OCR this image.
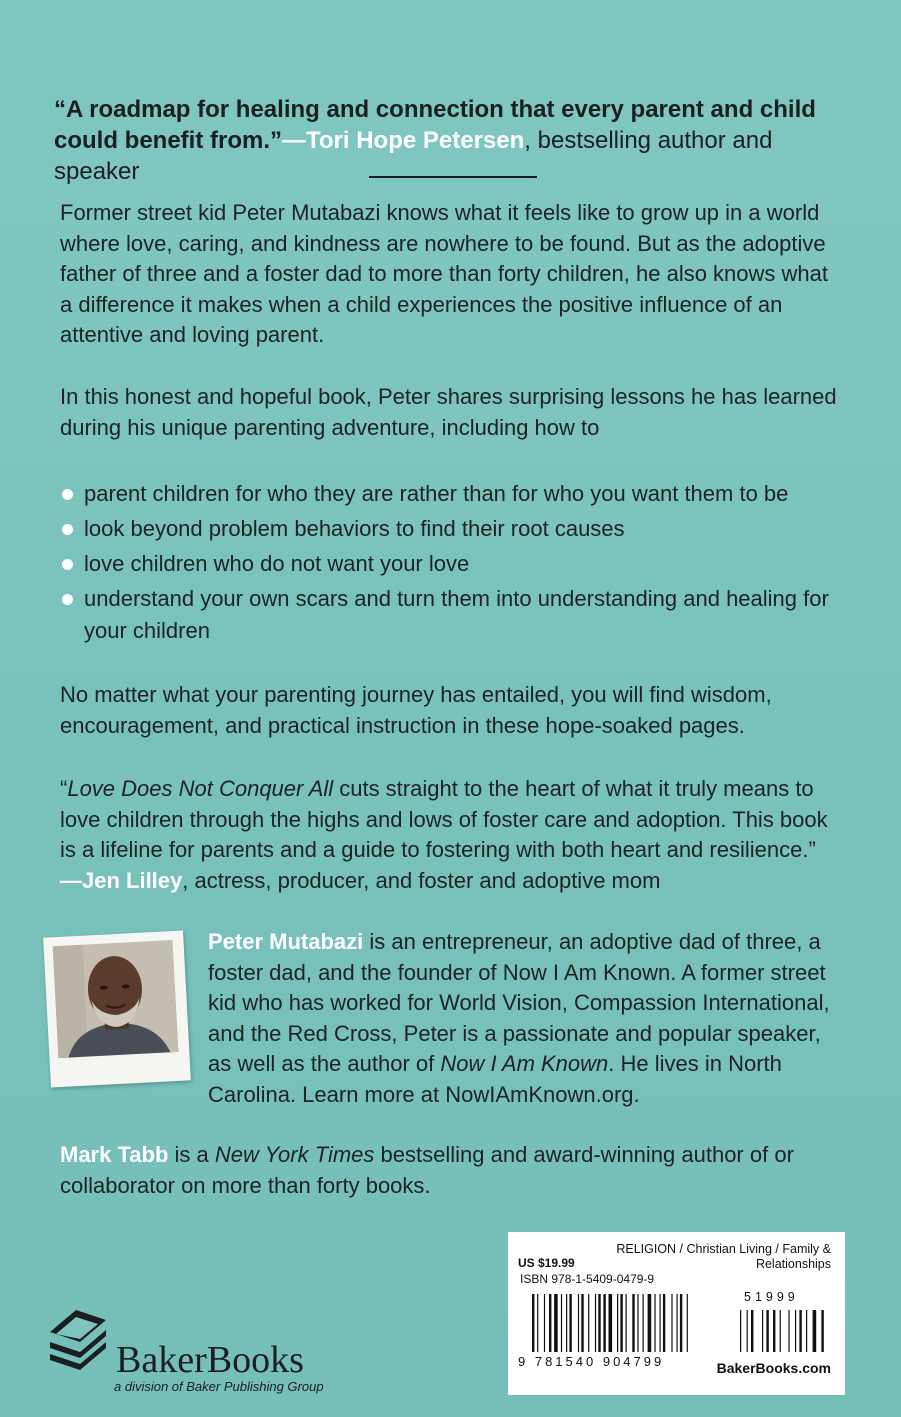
“A roadmap for healing and connection that every parent and child could benefit from.”—Tori Hope Petersen, bestselling author and speaker
Former street kid Peter Mutabazi knows what it feels like to grow up in a world where love, caring, and kindness are nowhere to be found. But as the adoptive father of three and a foster dad to more than forty children, he also knows what a difference it makes when a child experiences the positive influence of an attentive and loving parent.
In this honest and hopeful book, Peter shares surprising lessons he has learned during his unique parenting adventure, including how to
parent children for who they are rather than for who you want them to be
look beyond problem behaviors to find their root causes
love children who do not want your love
understand your own scars and turn them into understanding and healing for your children
No matter what your parenting journey has entailed, you will find wisdom, encouragement, and practical instruction in these hope-soaked pages.
“Love Does Not Conquer All cuts straight to the heart of what it truly means to love children through the highs and lows of foster care and adoption. This book is a lifeline for parents and a guide to fostering with both heart and resilience.”
—Jen Lilley, actress, producer, and foster and adoptive mom
Peter Mutabazi is an entrepreneur, an adoptive dad of three, a foster dad, and the founder of Now I Am Known. A former street kid who has worked for World Vision, Compassion International, and the Red Cross, Peter is a passionate and popular speaker, as well as the author of Now I Am Known. He lives in North Carolina. Learn more at NowIAmKnown.org.
Mark Tabb is a New York Times bestselling and award-winning author of or collaborator on more than forty books.
BakerBooks
a division of Baker Publishing Group
US $19.99
RELIGION / Christian Living / Family & Relationships
ISBN 978-1-5409-0479-9
51999
9 781540 904799	BakerBooks.com
